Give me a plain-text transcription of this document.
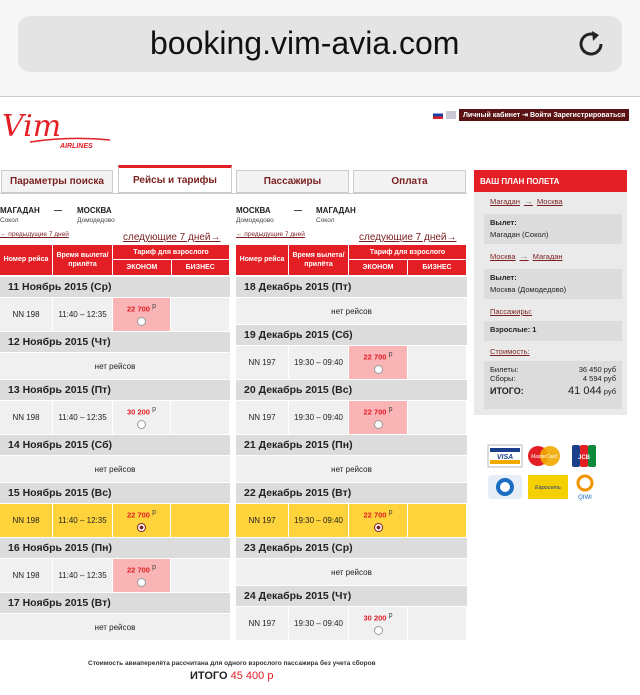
booking.vim-avia.com
Vim
AIRLINES
Личный кабинет ⇥ Войти Зарегистрироваться
Параметры поиска	Рейсы и тарифы	Пассажиры	Оплата
МАГАДАН — МОСКВА
Сокол	Домодедово
← предыдущие 7 дней	следующие 7 дней→
МОСКВА	— МАГАДАН
Домодедово	Сокол
← предыдущие 7 дней	следующие 7 дней→
Номер рейса
Время вылета/ прилёта
Тариф для взрослого
ЭКОНОМ	БИЗНЕС
Номер рейса
Время вылета/ прилёта
Тариф для взрослого
ЭКОНОМ	БИЗНЕС
11 Ноябрь 2015 (Ср)
NN 198	11:40 – 12:35
22 700 $^р$
12 Ноябрь 2015 (Чт)
нет рейсов
13 Ноябрь 2015 (Пт)
NN 198	11:40 – 12:35
30 200 $^р$
14 Ноябрь 2015 (Сб)
нет рейсов
15 Ноябрь 2015 (Вс)
NN 198	11:40 – 12:35
22 700 $^р$
16 Ноябрь 2015 (Пн)
NN 198	11:40 – 12:35
22 700 $^р$
17 Ноябрь 2015 (Вт)
нет рейсов
18 Декабрь 2015 (Пт)
нет рейсов
19 Декабрь 2015 (Сб)
NN 197	19:30 – 09:40
22 700 $^р$
20 Декабрь 2015 (Вс)
NN 197	19:30 – 09:40
22 700 $^р$
21 Декабрь 2015 (Пн)
нет рейсов
22 Декабрь 2015 (Вт)
NN 197	19:30 – 09:40
22 700 $^р$
23 Декабрь 2015 (Ср)
нет рейсов
24 Декабрь 2015 (Чт)
NN 197	19:30 – 09:40
30 200 $^р$
ВАШ ПЛАН ПОЛЕТА
Магадан → Москва
Вылет:
Магадан (Сокол)
Москва → Магадан
Вылет:
Москва (Домодедово)
Пассажиры:
Взрослые: 1
Стоимость:
Билеты:	36 450 руб
Сборы:	4 594 руб
ИТОГО:	41 044 руб
VISA	MasterCard	JCB
Евросеть
QIWI
Стоимость авиаперелёта рассчитана для одного взрослого пассажира без учета сборов
ИТОГО 45 400 р
